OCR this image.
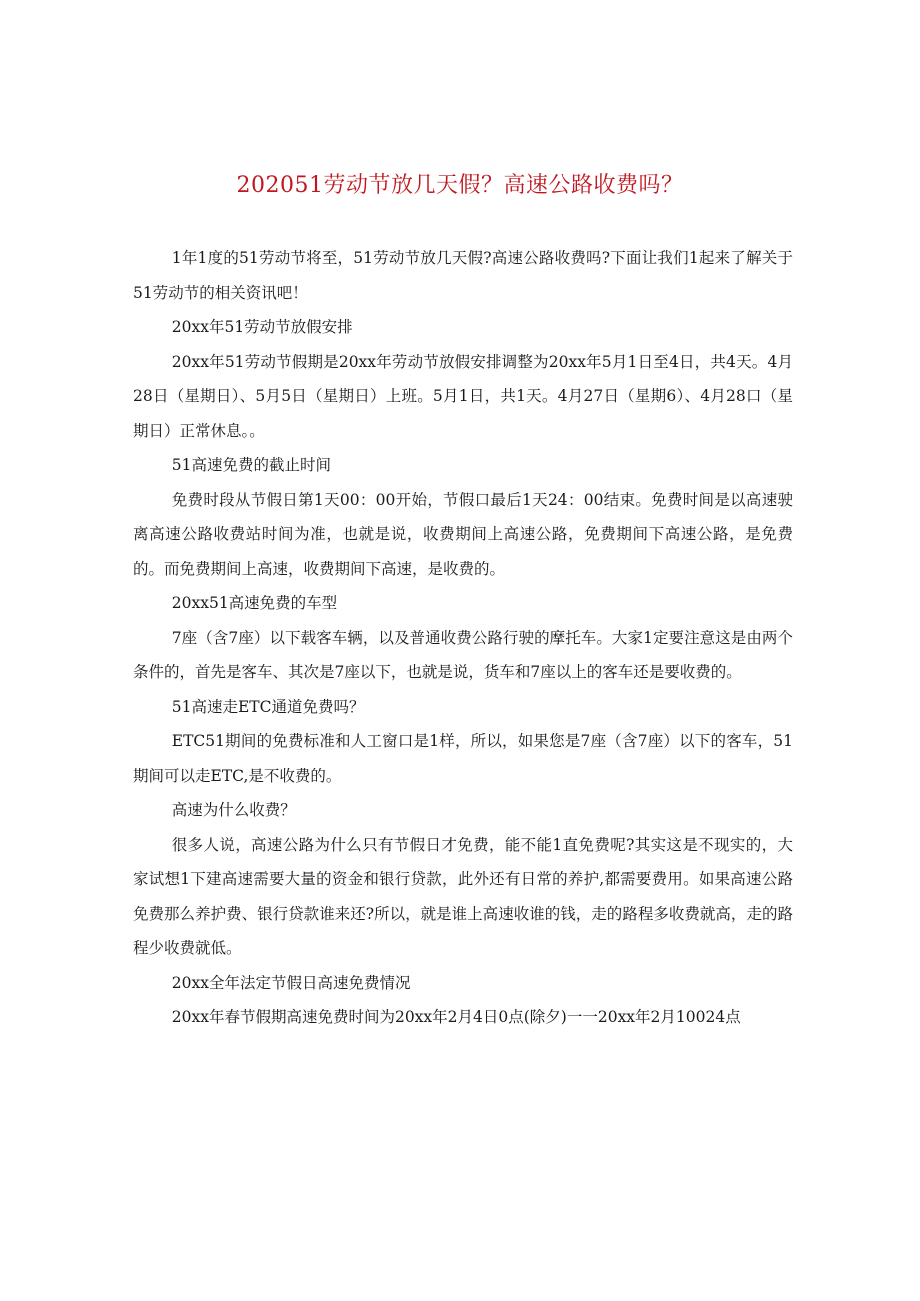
202051劳动节放几天假？高速公路收费吗？

1年1度的51劳动节将至，51劳动节放几天假?高速公路收费吗?下面让我们1起来了解关于51劳动节的相关资讯吧！

20xx年51劳动节放假安排

20xx年51劳动节假期是20xx年劳动节放假安排调整为20xx年5月1日至4日，共4天。4月28日（星期日）、5月5日（星期日）上班。5月1日，共1天。4月27日（星期6）、4月28口（星期日）正常休息。。

51高速免费的截止时间

免费时段从节假日第1天00：00开始，节假口最后1天24：00结束。免费时间是以高速驶离高速公路收费站时间为准，也就是说，收费期间上高速公路，免费期间下高速公路，是免费的。而免费期间上高速，收费期间下高速，是收费的。

20xx51高速免费的车型

7座（含7座）以下载客车辆，以及普通收费公路行驶的摩托车。大家1定要注意这是由两个条件的，首先是客车、其次是7座以下，也就是说，货车和7座以上的客车还是要收费的。

51高速走ETC通道免费吗？

ETC51期间的免费标准和人工窗口是1样，所以，如果您是7座（含7座）以下的客车，51期间可以走ETC,是不收费的。

高速为什么收费？

很多人说，高速公路为什么只有节假日才免费，能不能1直免费呢?其实这是不现实的，大家试想1下建高速需要大量的资金和银行贷款，此外还有日常的养护,都需要费用。如果高速公路免费那么养护费、银行贷款谁来还?所以，就是谁上高速收谁的钱，走的路程多收费就高，走的路程少收费就低。

20xx全年法定节假日高速免费情况

20xx年春节假期高速免费时间为20xx年2月4日0点(除夕)一一20xx年2月10024点
